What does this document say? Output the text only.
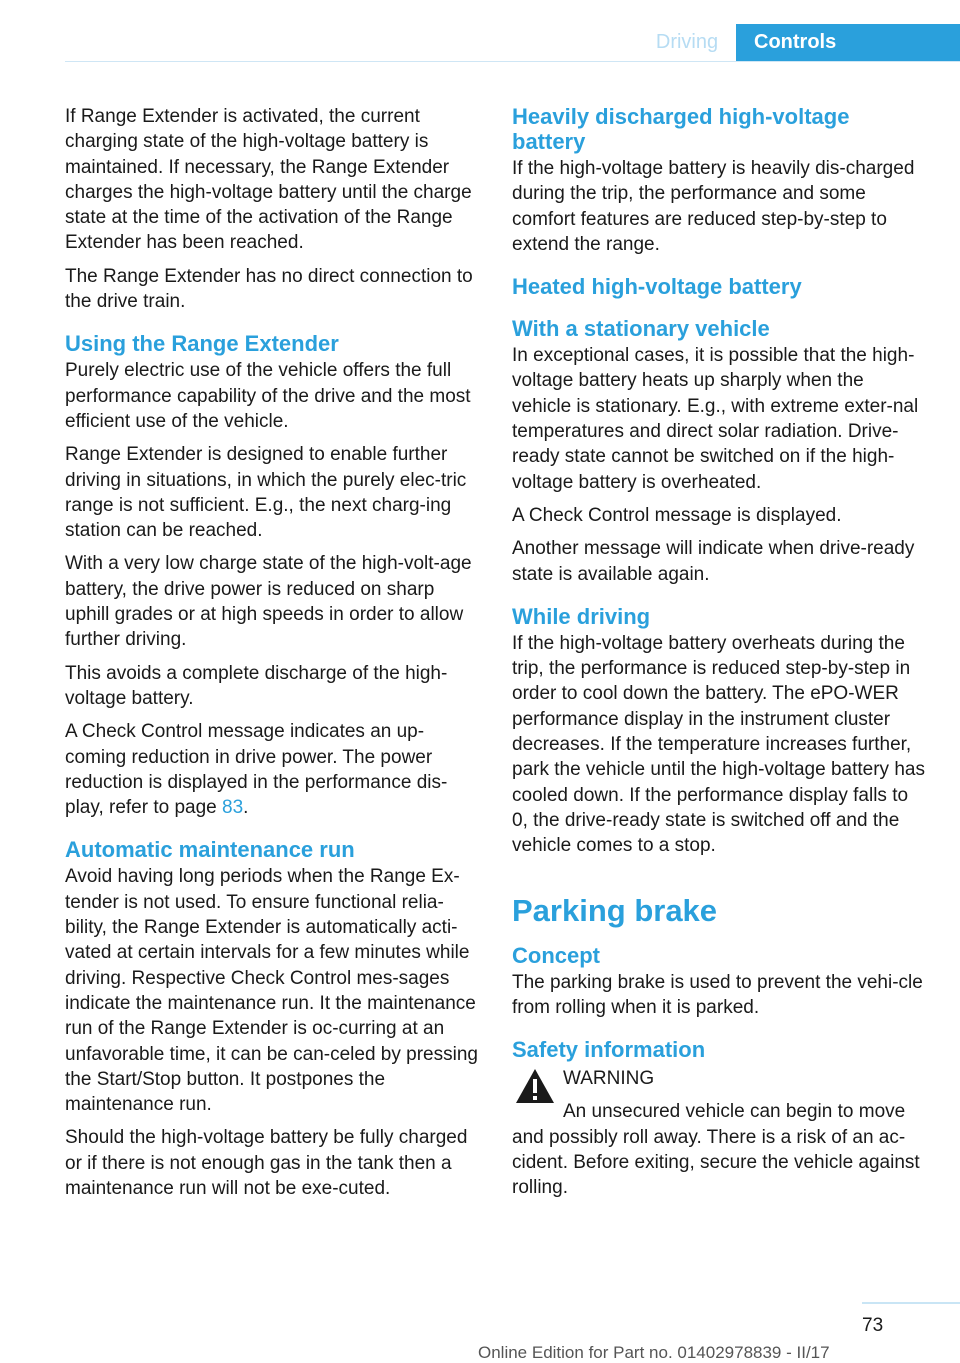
Driving	Controls

If Range Extender is activated, the current charging state of the high-voltage battery is maintained. If necessary, the Range Extender charges the high-voltage battery until the charge state at the time of the activation of the Range Extender has been reached.

The Range Extender has no direct connection to the drive train.

Using the Range Extender

Purely electric use of the vehicle offers the full performance capability of the drive and the most efficient use of the vehicle.

Range Extender is designed to enable further driving in situations, in which the purely elec-tric range is not sufficient. E.g., the next charg-ing station can be reached.

With a very low charge state of the high-volt-age battery, the drive power is reduced on sharp uphill grades or at high speeds in order to allow further driving.

This avoids a complete discharge of the high-voltage battery.

A Check Control message indicates an up-coming reduction in drive power. The power reduction is displayed in the performance dis-play, refer to page 83.

Automatic maintenance run

Avoid having long periods when the Range Ex-tender is not used. To ensure functional relia-bility, the Range Extender is automatically acti-vated at certain intervals for a few minutes while driving. Respective Check Control mes-sages indicate the maintenance run. It the maintenance run of the Range Extender is oc-curring at an unfavorable time, it can be can-celed by pressing the Start/Stop button. It postpones the maintenance run.

Should the high-voltage battery be fully charged or if there is not enough gas in the tank then a maintenance run will not be exe-cuted.

Heavily discharged high-voltage battery

If the high-voltage battery is heavily dis-charged during the trip, the performance and some comfort features are reduced step-by-step to extend the range.

Heated high-voltage battery
With a stationary vehicle

In exceptional cases, it is possible that the high-voltage battery heats up sharply when the vehicle is stationary. E.g., with extreme exter-nal temperatures and direct solar radiation. Drive-ready state cannot be switched on if the high-voltage battery is overheated.

A Check Control message is displayed.

Another message will indicate when drive-ready state is available again.

While driving

If the high-voltage battery overheats during the trip, the performance is reduced step-by-step in order to cool down the battery. The ePO-WER performance display in the instrument cluster decreases. If the temperature increases further, park the vehicle until the high-voltage battery has cooled down. If the performance display falls to 0, the drive-ready state is switched off and the vehicle comes to a stop.

Parking brake
Concept

The parking brake is used to prevent the vehi-cle from rolling when it is parked.

Safety information

WARNING

An unsecured vehicle can begin to move and possibly roll away. There is a risk of an ac-cident. Before exiting, secure the vehicle against rolling.

73
Online Edition for Part no. 01402978839 - II/17
